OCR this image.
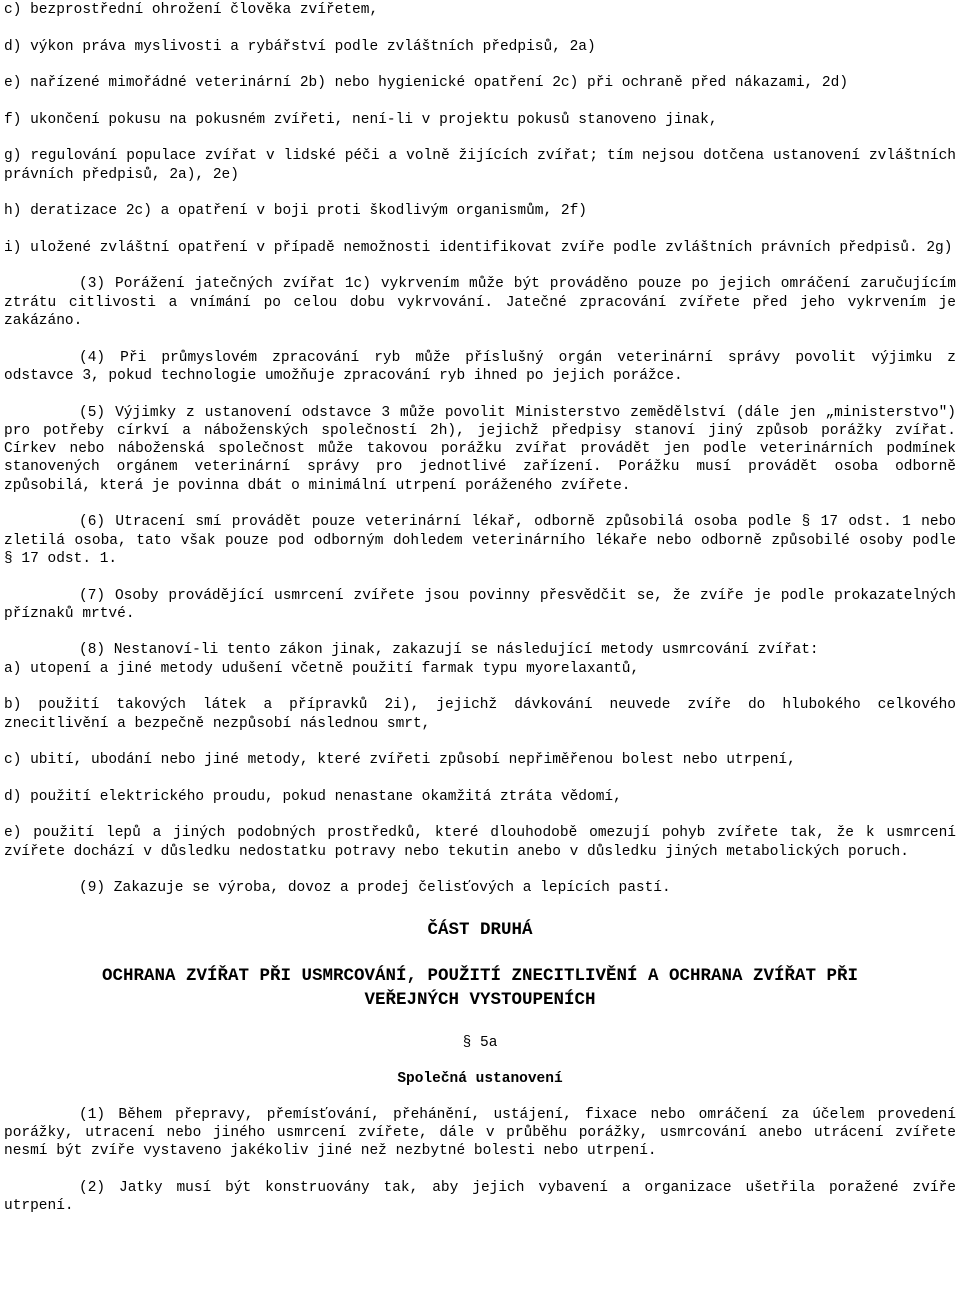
c) bezprostřední ohrožení člověka zvířetem,

d) výkon práva myslivosti a rybářství podle zvláštních předpisů, 2a)

e) nařízené mimořádné veterinární 2b) nebo hygienické opatření 2c) při ochraně před nákazami, 2d)

f) ukončení pokusu na pokusném zvířeti, není-li v projektu pokusů stanoveno jinak,

g) regulování populace zvířat v lidské péči a volně žijících zvířat; tím nejsou dotčena ustanovení zvláštních právních předpisů, 2a), 2e)

h) deratizace 2c) a opatření v boji proti škodlivým organismům, 2f)

i) uložené zvláštní opatření v případě nemožnosti identifikovat zvíře podle zvláštních právních předpisů. 2g)

(3) Porážení jatečných zvířat 1c) vykrvením může být prováděno pouze po jejich omráčení zaručujícím ztrátu citlivosti a vnímání po celou dobu vykrvování. Jatečné zpracování zvířete před jeho vykrvením je zakázáno.

(4) Při průmyslovém zpracování ryb může příslušný orgán veterinární správy povolit výjimku z odstavce 3, pokud technologie umožňuje zpracování ryb ihned po jejich porážce.

(5) Výjimky z ustanovení odstavce 3 může povolit Ministerstvo zemědělství (dále jen „ministerstvo") pro potřeby církví a náboženských společností 2h), jejichž předpisy stanoví jiný způsob porážky zvířat. Církev nebo náboženská společnost může takovou porážku zvířat provádět jen podle veterinárních podmínek stanovených orgánem veterinární správy pro jednotlivé zařízení. Porážku musí provádět osoba odborně způsobilá, která je povinna dbát o minimální utrpení poráženého zvířete.

(6) Utracení smí provádět pouze veterinární lékař, odborně způsobilá osoba podle § 17 odst. 1 nebo zletilá osoba, tato však pouze pod odborným dohledem veterinárního lékaře nebo odborně způsobilé osoby podle § 17 odst. 1.

(7) Osoby provádějící usmrcení zvířete jsou povinny přesvědčit se, že zvíře je podle prokazatelných příznaků mrtvé.

(8) Nestanoví-li tento zákon jinak, zakazují se následující metody usmrcování zvířat:

a) utopení a jiné metody udušení včetně použití farmak typu myorelaxantů,

b) použití takových látek a přípravků 2i), jejichž dávkování neuvede zvíře do hlubokého celkového znecitlivění a bezpečně nezpůsobí následnou smrt,

c) ubití, ubodání nebo jiné metody, které zvířeti způsobí nepřiměřenou bolest nebo utrpení,

d) použití elektrického proudu, pokud nenastane okamžitá ztráta vědomí,

e) použití lepů a jiných podobných prostředků, které dlouhodobě omezují pohyb zvířete tak, že k usmrcení zvířete dochází v důsledku nedostatku potravy nebo tekutin anebo v důsledku jiných metabolických poruch.

(9) Zakazuje se výroba, dovoz a prodej čelisťových a lepících pastí.

ČÁST DRUHÁ
OCHRANA ZVÍŘAT PŘI USMRCOVÁNÍ, POUŽITÍ ZNECITLIVĚNÍ A OCHRANA ZVÍŘAT PŘI
VEŘEJNÝCH VYSTOUPENÍCH
§ 5a
Společná ustanovení

(1) Během přepravy, přemísťování, přehánění, ustájení, fixace nebo omráčení za účelem provedení porážky, utracení nebo jiného usmrcení zvířete, dále v průběhu porážky, usmrcování anebo utrácení zvířete nesmí být zvíře vystaveno jakékoliv jiné než nezbytné bolesti nebo utrpení.

(2) Jatky musí být konstruovány tak, aby jejich vybavení a organizace ušetřila poražené zvíře utrpení.
